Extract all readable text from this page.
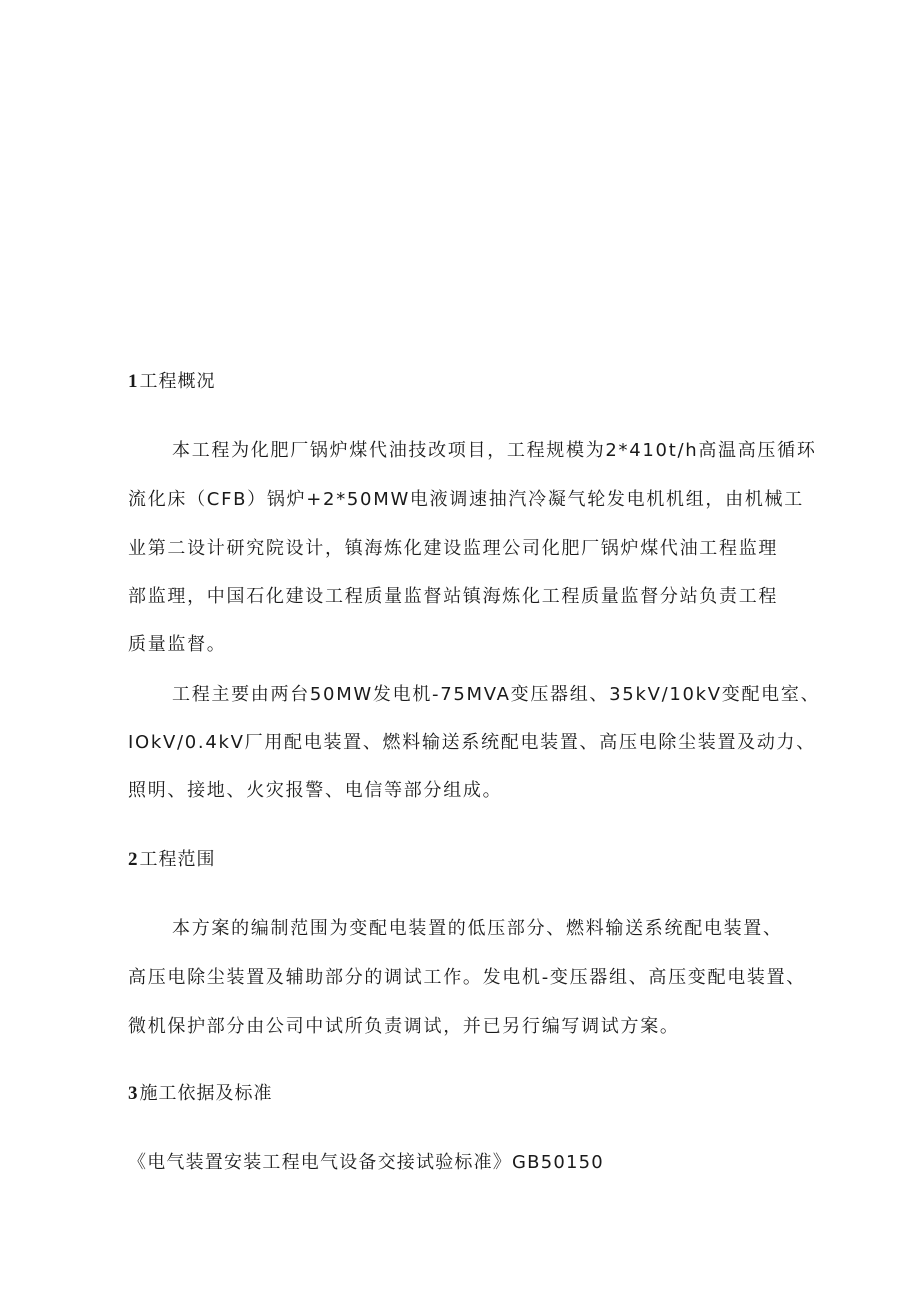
1工程概况
本工程为化肥厂锅炉煤代油技改项目，工程规模为2*410t/h高温高压循环
流化床（CFB）锅炉+2*50MW电液调速抽汽冷凝气轮发电机机组，由机械工
业第二设计研究院设计，镇海炼化建设监理公司化肥厂锅炉煤代油工程监理
部监理，中国石化建设工程质量监督站镇海炼化工程质量监督分站负责工程
质量监督。
工程主要由两台50MW发电机-75MVA变压器组、35kV/10kV变配电室、
IOkV/0.4kV厂用配电装置、燃料输送系统配电装置、高压电除尘装置及动力、
照明、接地、火灾报警、电信等部分组成。
2工程范围
本方案的编制范围为变配电装置的低压部分、燃料输送系统配电装置、
高压电除尘装置及辅助部分的调试工作。发电机-变压器组、高压变配电装置、
微机保护部分由公司中试所负责调试，并已另行编写调试方案。
3施工依据及标准
《电气装置安装工程电气设备交接试验标准》GB50150
